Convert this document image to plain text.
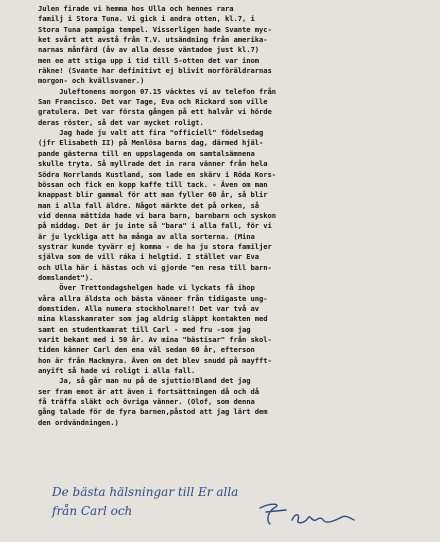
Julen firade vi hemma hos Ulla och hennes rara
familj i Stora Tuna. Vi gick i andra otten, kl.7, i
Stora Tuna pampiga tempel. Visserligen hade Svante myc-
ket svårt att avstå från T.V. utsändning från amerika-
narnas månfärd (åv av alla desse väntadoe just kl.7)
men ee att stiga upp i tid till 5-otten det var inom
räkne! (Svante har definitivt ej blivit morföräldrarnas
morgon- och kvällsvaner.)
Juleftonens morgon 07.15 väcktes vi av telefon från
San Francisco. Det var Tage, Eva och Rickard som ville
gratulera. Det var första gången på ett halvår vi hörde
deras röster, så det var mycket roligt.
Jag hade ju valt att fira "officiell" födelsedag
(jfr Elisabeth II) på Menlösa barns dag, därmed hjäl-
pande gästerna till en uppslagenda om samtalsämnena
skulle tryta. Så myllrade det in rara vänner från hela
Södra Norrlands Kustland, som lade en skärv i Röda Kors-
bössan och fick en kopp kaffe till tack. - Även om man
knappast blir gammal för att man fyller 60 år, så blir
man i alla fall äldre. Något märkte det på orken, så
vid denna mättida hade vi bara barn, barnbarn och syskon
på middag. Det är ju inte så "bara" i alla fall, för vi
är ju lyckliga att ha många av alla sorterna. (Mina
systrar kunde tyvärr ej komma - de ha ju stora familjer
själva som de vill ráka i helgtid. I stället var Eva
och Ulla här i hästas och vi gjorde "en resa till barn-
domslandet").
Över Trettondagshelgen hade vi lyckats få ihop
våra allra äldsta och bästa vänner från tidigaste ung-
domstiden. Alla numera stockholmare!! Det var två av
mina klasskamrater som jag aldrig släppt kontakten med
samt en studentkamrat till Carl - med fru -som jag
varit bekant med i 50 år. Av mina "bästisar" från skol-
tiden känner Carl den ena väl sedan 60 år, efterson
hon är från Mackmyra. Även om det blev snudd på mayfft-
anyift så hade vi roligt i alla fall.
Ja, så går man nu på de sjuttio!Bland det jag
ser fram emot är att även i fortsättningen då och då
få träffa släkt och övriga vänner. (Olof, som denna
gång talade för de fyra barnen,påstod att jag lärt dem
den ordvändningen.)
De bästa hälsningar till Er alla
från Carl och
